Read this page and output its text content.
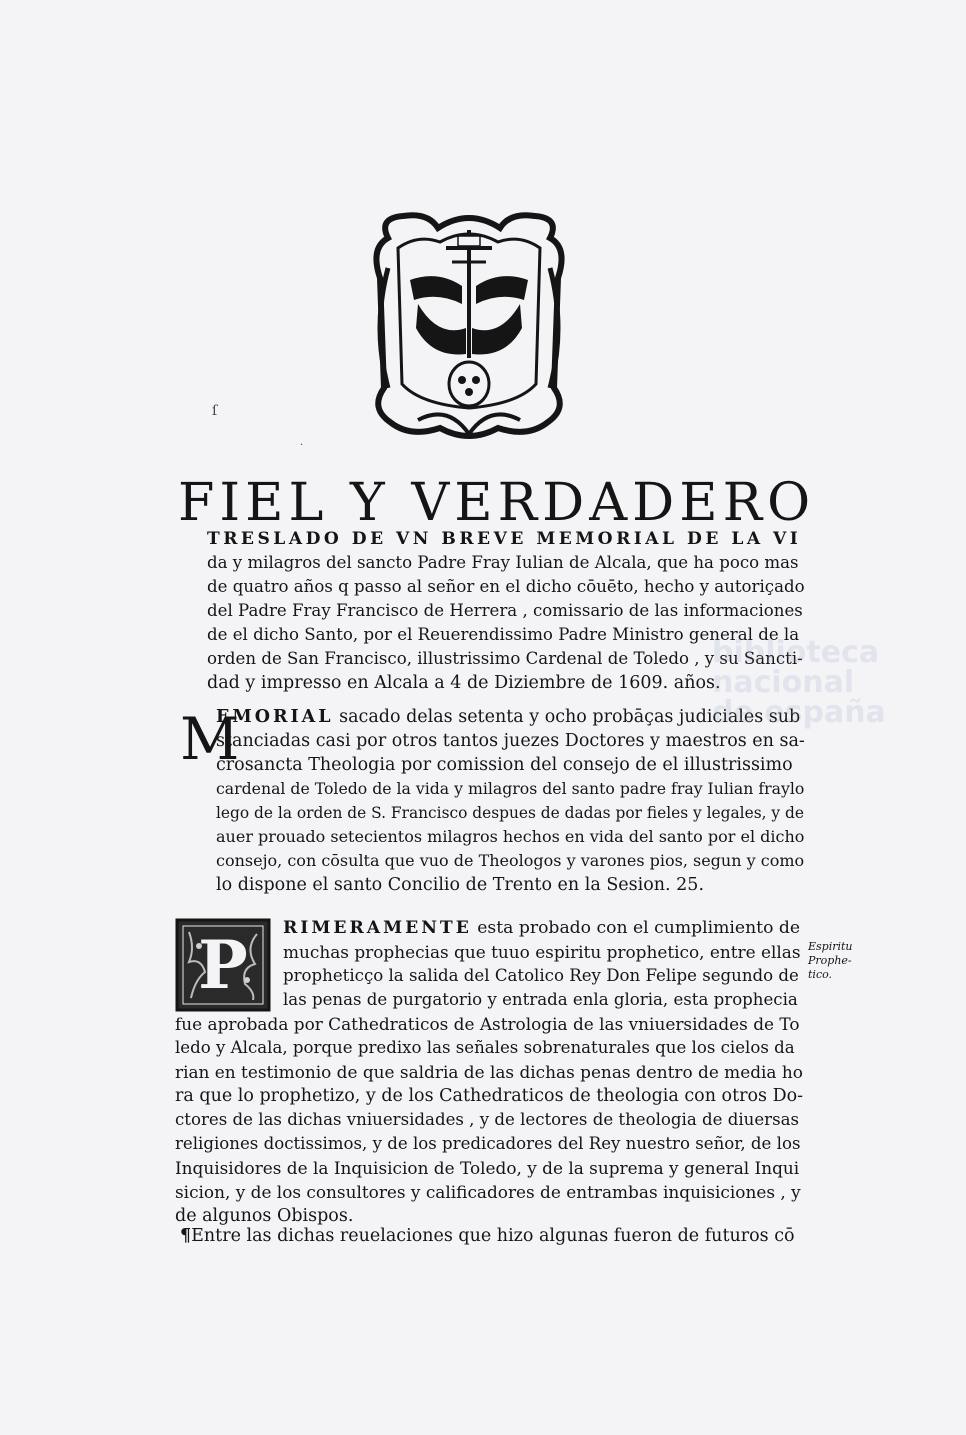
ſ
.
FIEL Y VERDADERO
TRESLADO DE VN BREVE MEMORIAL DE LA VI
da y milagros del sancto Padre Fray Iulian de Alcala, que ha poco mas
de quatro años q passo al señor en el dicho cōuēto, hecho y autoriçado
del Padre Fray Francisco de Herrera , comissario de las informaciones
de el dicho Santo, por el Reuerendissimo Padre Ministro general de la
orden de San Francisco, illustrissimo Cardenal de Toledo , y su Sancti-
dad y impresso en Alcala a 4 de Diziembre de 1609. años.
M
EMORIAL sacado delas setenta y ocho probāças judiciales sub
stanciadas casi por otros tantos juezes Doctores y maestros en sa-
crosancta Theologia por comission del consejo de el illustrissimo
cardenal de Toledo de la vida y milagros del santo padre fray Iulian fraylo
lego de la orden de S. Francisco despues de dadas por fieles y legales, y de
auer prouado setecientos milagros hechos en vida del santo por el dicho
consejo, con cōsulta que vuo de Theologos y varones pios, segun y como
lo dispone el santo Concilio de Trento en la Sesion. 25.
P RIMERAMENTE esta probado con el cumplimiento de
muchas prophecias que tuuo espiritu prophetico, entre ellas
propheticço la salida del Catolico Rey Don Felipe segundo de
las penas de purgatorio y entrada enla gloria, esta prophecia
Espiritu
Prophe-
tico.
fue aprobada por Cathedraticos de Astrologia de las vniuersidades de To
ledo y Alcala, porque predixo las señales sobrenaturales que los cielos da
rian en testimonio de que saldria de las dichas penas dentro de media ho
ra que lo prophetizo, y de los Cathedraticos de theologia con otros Do-
ctores de las dichas vniuersidades , y de lectores de theologia de diuersas
religiones doctissimos, y de los predicadores del Rey nuestro señor, de los
Inquisidores de la Inquisicion de Toledo, y de la suprema y general Inqui
sicion, y de los consultores y calificadores de entrambas inquisiciones , y
de algunos Obispos.
¶Entre las dichas reuelaciones que hizo algunas fueron de futuros cō
biblioteca
nacional
de españa
